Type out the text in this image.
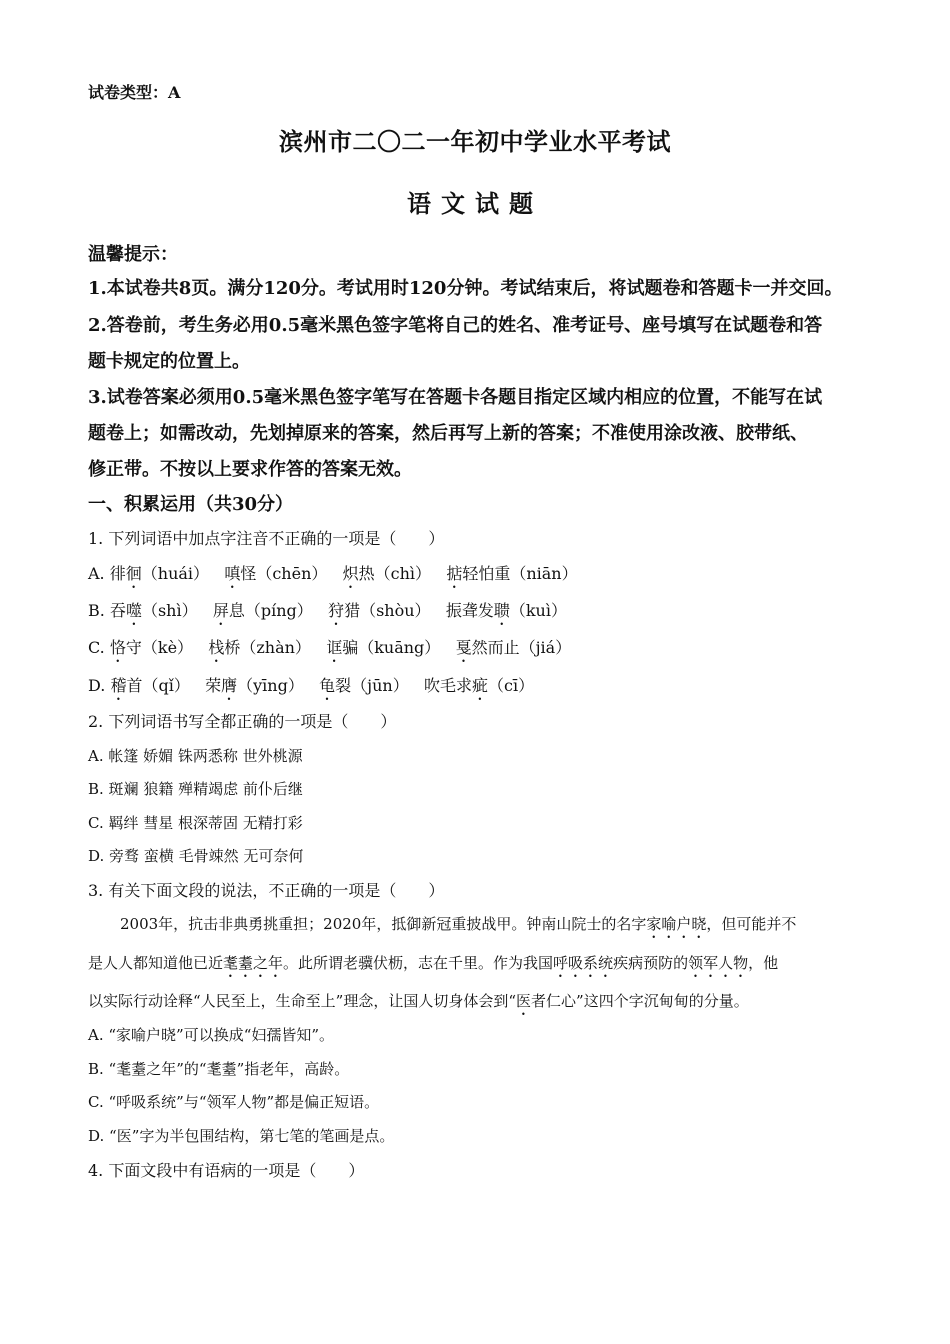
试卷类型：A
滨州市二〇二一年初中学业水平考试
语文试题
温馨提示：
1.本试卷共8页。满分120分。考试用时120分钟。考试结束后，将试题卷和答题卡一并交回。
2.答卷前，考生务必用0.5毫米黑色签字笔将自己的姓名、准考证号、座号填写在试题卷和答
题卡规定的位置上。
3.试卷答案必须用0.5毫米黑色签字笔写在答题卡各题目指定区域内相应的位置，不能写在试
题卷上；如需改动，先划掉原来的答案，然后再写上新的答案；不准使用涂改液、胶带纸、
修正带。不按以上要求作答的答案无效。
一、积累运用（共30分）
1. 下列词语中加点字注音不正确的一项是（　　）
A. 徘徊（huái） 嗔怪（chēn） 炽热（chì） 掂轻怕重（niān）
B. 吞噬（shì） 屏息（píng） 狩猎（shòu） 振聋发聩（kuì）
C. 恪守（kè） 栈桥（zhàn） 诓骗（kuāng） 戛然而止（jiá）
D. 稽首（qǐ） 荣膺（yīng） 龟裂（jūn） 吹毛求疵（cī）
2. 下列词语书写全都正确的一项是（　　）
A. 帐篷 娇媚 铢两悉称 世外桃源
B. 斑斓 狼籍 殚精竭虑 前仆后继
C. 羁绊 彗星 根深蒂固 无精打彩
D. 旁骛 蛮横 毛骨竦然 无可奈何
3. 有关下面文段的说法，不正确的一项是（　　）
2003年，抗击非典勇挑重担；2020年，抵御新冠重披战甲。钟南山院士的名字家喻户晓，但可能并不
是人人都知道他已近耄耋之年。此所谓老骥伏枥，志在千里。作为我国呼吸系统疾病预防的领军人物，他
以实际行动诠释“人民至上，生命至上”理念，让国人切身体会到“医者仁心”这四个字沉甸甸的分量。
A. “家喻户晓”可以换成“妇孺皆知”。
B. “耄耋之年”的“耄耋”指老年，高龄。
C. “呼吸系统”与“领军人物”都是偏正短语。
D. “医”字为半包围结构，第七笔的笔画是点。
4. 下面文段中有语病的一项是（　　）
